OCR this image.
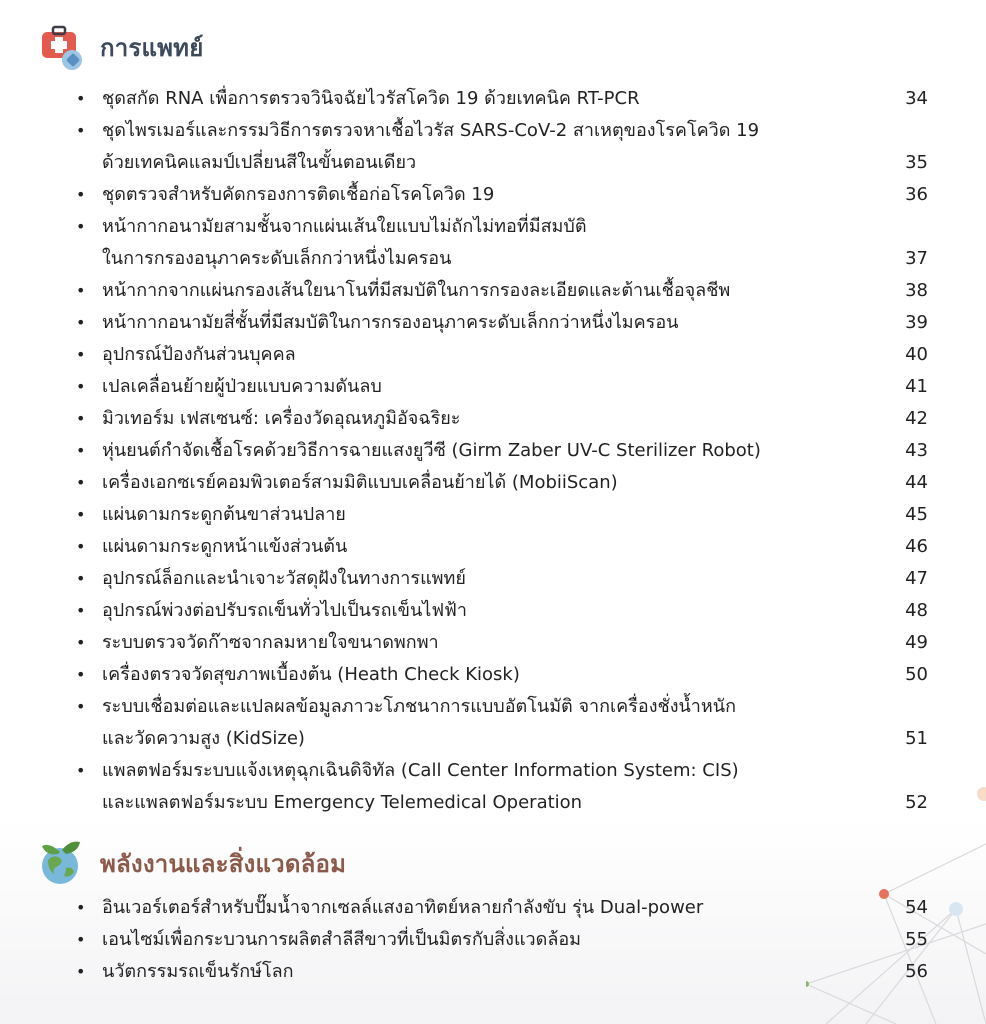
การแพทย์
• ชุดสกัด RNA เพื่อการตรวจวินิจฉัยไวรัสโควิด 19 ด้วยเทคนิค RT-PCR	34
• ชุดไพรเมอร์และกรรมวิธีการตรวจหาเชื้อไวรัส SARS-CoV-2 สาเหตุของโรคโควิด 19
ด้วยเทคนิคแลมป์เปลี่ยนสีในขั้นตอนเดียว	35
• ชุดตรวจสำหรับคัดกรองการติดเชื้อก่อโรคโควิด 19	36
• หน้ากากอนามัยสามชั้นจากแผ่นเส้นใยแบบไม่ถักไม่ทอที่มีสมบัติ
ในการกรองอนุภาคระดับเล็กกว่าหนึ่งไมครอน	37
• หน้ากากจากแผ่นกรองเส้นใยนาโนที่มีสมบัติในการกรองละเอียดและต้านเชื้อจุลชีพ	38
• หน้ากากอนามัยสี่ชั้นที่มีสมบัติในการกรองอนุภาคระดับเล็กกว่าหนึ่งไมครอน	39
• อุปกรณ์ป้องกันส่วนบุคคล	40
• เปลเคลื่อนย้ายผู้ป่วยแบบความดันลบ	41
• มิวเทอร์ม เฟสเซนซ์: เครื่องวัดอุณหภูมิอัจฉริยะ	42
• หุ่นยนต์กำจัดเชื้อโรคด้วยวิธีการฉายแสงยูวีซี (Girm Zaber UV-C Sterilizer Robot)	43
• เครื่องเอกซเรย์คอมพิวเตอร์สามมิติแบบเคลื่อนย้ายได้ (MobiiScan)	44
• แผ่นดามกระดูกต้นขาส่วนปลาย	45
• แผ่นดามกระดูกหน้าแข้งส่วนต้น	46
• อุปกรณ์ล็อกและนำเจาะวัสดุฝังในทางการแพทย์	47
• อุปกรณ์พ่วงต่อปรับรถเข็นทั่วไปเป็นรถเข็นไฟฟ้า	48
• ระบบตรวจวัดก๊าซจากลมหายใจขนาดพกพา	49
• เครื่องตรวจวัดสุขภาพเบื้องต้น (Heath Check Kiosk)	50
• ระบบเชื่อมต่อและแปลผลข้อมูลภาวะโภชนาการแบบอัตโนมัติ จากเครื่องชั่งน้ำหนัก
และวัดความสูง (KidSize)	51
• แพลตฟอร์มระบบแจ้งเหตุฉุกเฉินดิจิทัล (Call Center Information System: CIS)
และแพลตฟอร์มระบบ Emergency Telemedical Operation	52
พลังงานและสิ่งแวดล้อม
• อินเวอร์เตอร์สำหรับปั๊มน้ำจากเซลล์แสงอาทิตย์หลายกำลังขับ รุ่น Dual-power	54
• เอนไซม์เพื่อกระบวนการผลิตสำลีสีขาวที่เป็นมิตรกับสิ่งแวดล้อม	55
• นวัตกรรมรถเข็นรักษ์โลก	56
